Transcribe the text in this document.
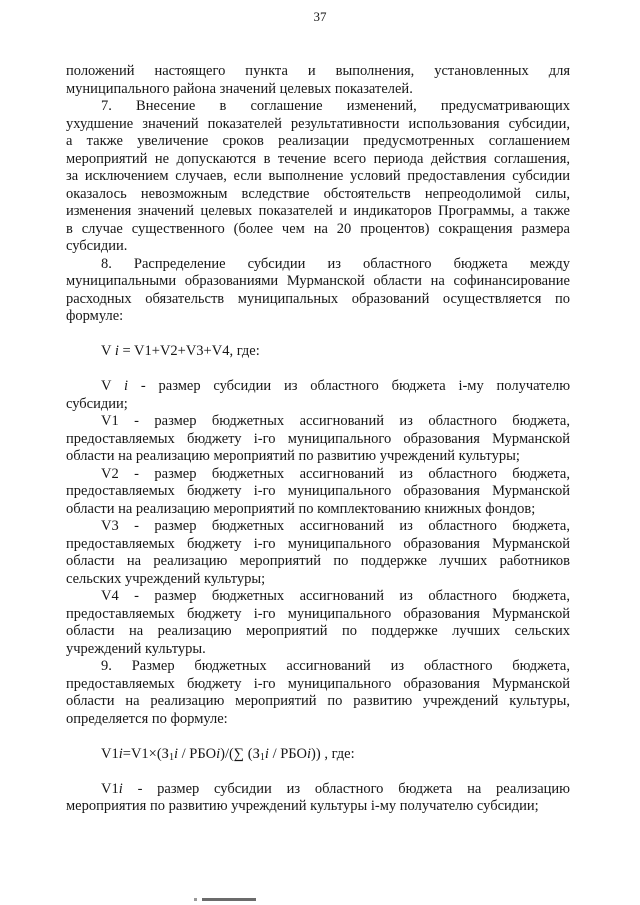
37
положений настоящего пункта и выполнения, установленных для
муниципального района значений целевых показателей.
7. Внесение в соглашение изменений, предусматривающих
ухудшение значений показателей результативности использования субсидии,
а также увеличение сроков реализации предусмотренных соглашением
мероприятий не допускаются в течение всего периода действия соглашения,
за исключением случаев, если выполнение условий предоставления субсидии
оказалось невозможным вследствие обстоятельств непреодолимой силы,
изменения значений целевых показателей и индикаторов Программы, а также
в случае существенного (более чем на 20 процентов) сокращения размера
субсидии.
8. Распределение субсидии из областного бюджета между
муниципальными образованиями Мурманской области на софинансирование
расходных обязательств муниципальных образований осуществляется по
формуле:
V i = V1+V2+V3+V4, где:
V i - размер субсидии из областного бюджета i-му получателю
субсидии;
V1 - размер бюджетных ассигнований из областного бюджета,
предоставляемых бюджету i-го муниципального образования Мурманской
области на реализацию мероприятий по развитию учреждений культуры;
V2 - размер бюджетных ассигнований из областного бюджета,
предоставляемых бюджету i-го муниципального образования Мурманской
области на реализацию мероприятий по комплектованию книжных фондов;
V3 - размер бюджетных ассигнований из областного бюджета,
предоставляемых бюджету i-го муниципального образования Мурманской
области на реализацию мероприятий по поддержке лучших работников
сельских учреждений культуры;
V4 - размер бюджетных ассигнований из областного бюджета,
предоставляемых бюджету i-го муниципального образования Мурманской
области на реализацию мероприятий по поддержке лучших сельских
учреждений культуры.
9. Размер бюджетных ассигнований из областного бюджета,
предоставляемых бюджету i-го муниципального образования Мурманской
области на реализацию мероприятий по развитию учреждений культуры,
определяется по формуле:
$V1i=V1\times(З_1i$ / РБОi)/(∑ ($З_1i$ / РБОi)) , где:
V1i - размер субсидии из областного бюджета на реализацию
мероприятия по развитию учреждений культуры i-му получателю субсидии;
